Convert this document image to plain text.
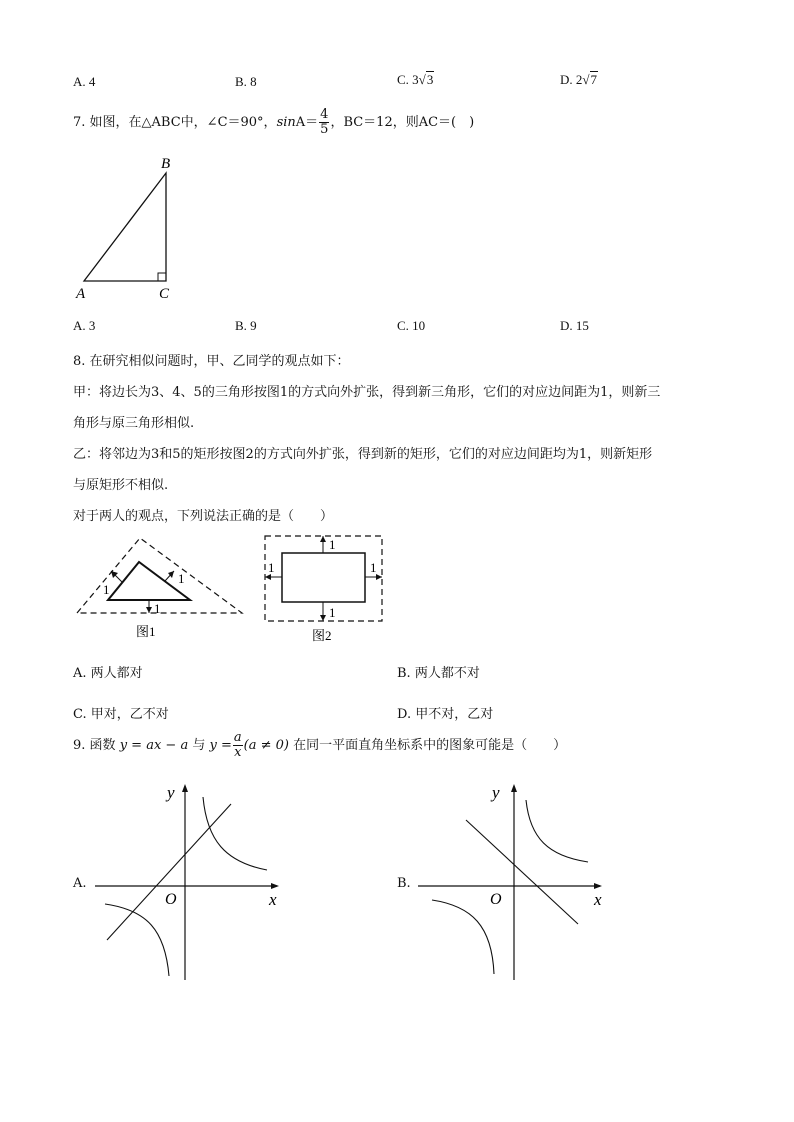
A. 4	B. 8	C. 3√3	D. 2√7
7. 如图，在△ABC中，∠C＝90°，$\sin A= \frac{4}{5}$ ，BC＝12，则AC＝(　)
B
A	C
A. 3	B. 9	C. 10	D. 15
8. 在研究相似问题时，甲、乙同学的观点如下：
甲：将边长为3、4、5的三角形按图1的方式向外扩张，得到新三角形，它们的对应边间距为1，则新三
角形与原三角形相似.
乙：将邻边为3和5的矩形按图2的方式向外扩张，得到新的矩形，它们的对应边间距均为1，则新矩形
与原矩形不相似.
对于两人的观点，下列说法正确的是（　　）
1
1
1
图1
1
1
1	1
图2
A. 两人都对	B. 两人都不对
C. 甲对，乙不对	D. 甲不对，乙对
9. 函数 y = ax − a 与 $y = \frac{a}{x} (a \ne 0)$ 在同一平面直角坐标系中的图象可能是（　　）
A.
y
x
O
B.
y
x
O
